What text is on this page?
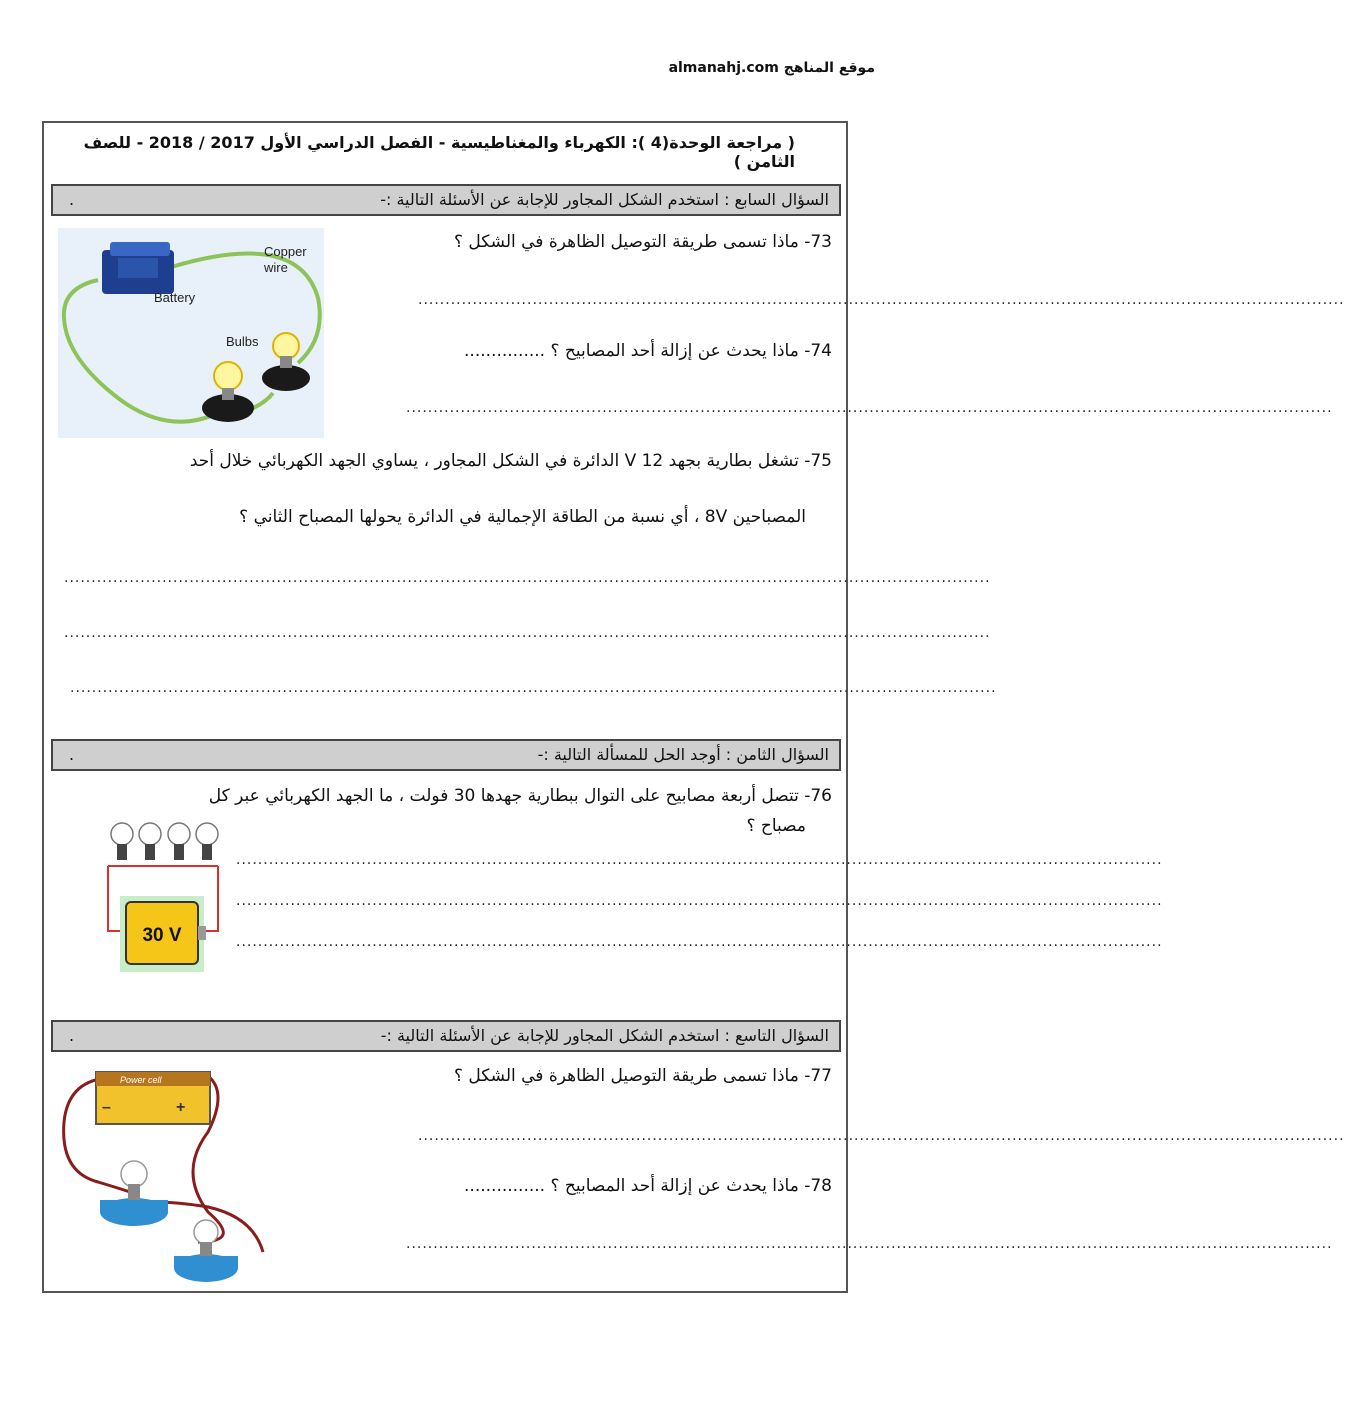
موقع المناهج almanahj.com
( مراجعة الوحدة(4 ): الكهرباء والمغناطيسية - الفصل الدراسي الأول 2017 / 2018 - للصف الثامن )
السؤال السابع : استخدم الشكل المجاور للإجابة عن الأسئلة التالية :-
.
Copper
wire
Battery
Bulbs
73- ماذا تسمى طريقة التوصيل الظاهرة في الشكل ؟
..........................................................................................................................................................................
74- ماذا يحدث عن إزالة أحد المصابيح ؟ ...............
..........................................................................................................................................................................
75- تشغل بطارية بجهد V 12 الدائرة في الشكل المجاور ، يساوي الجهد الكهربائي خلال أحد
المصباحين 8V ، أي نسبة من الطاقة الإجمالية في الدائرة يحولها المصباح الثاني ؟
..........................................................................................................................................................................
..........................................................................................................................................................................
..........................................................................................................................................................................
السؤال الثامن : أوجد الحل للمسألة التالية :-
.
76- تتصل أربعة مصابيح على التوال ببطارية جهدها 30 فولت ، ما الجهد الكهربائي عبر كل
مصباح ؟
30 V
..........................................................................................................................................................................
..........................................................................................................................................................................
..........................................................................................................................................................................
السؤال التاسع : استخدم الشكل المجاور للإجابة عن الأسئلة التالية :-
.
Power cell
–	+
77- ماذا تسمى طريقة التوصيل الظاهرة في الشكل ؟
..........................................................................................................................................................................
78- ماذا يحدث عن إزالة أحد المصابيح ؟ ...............
..........................................................................................................................................................................
